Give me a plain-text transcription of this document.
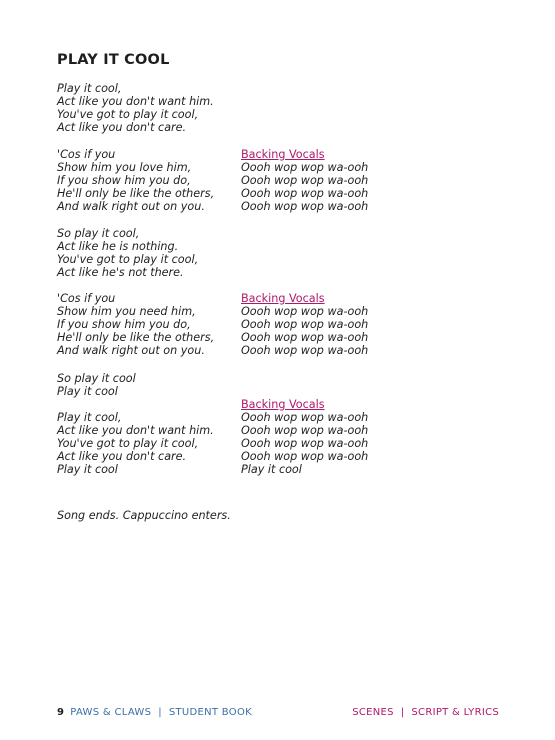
PLAY IT COOL
Play it cool,
Act like you don't want him.
You've got to play it cool,
Act like you don't care.
'Cos if you
Show him you love him,
If you show him you do,
He'll only be like the others,
And walk right out on you.
Backing Vocals
Oooh wop wop wa-ooh
Oooh wop wop wa-ooh
Oooh wop wop wa-ooh
Oooh wop wop wa-ooh
So play it cool,
Act like he is nothing.
You've got to play it cool,
Act like he's not there.
'Cos if you
Show him you need him,
If you show him you do,
He'll only be like the others,
And walk right out on you.
Backing Vocals
Oooh wop wop wa-ooh
Oooh wop wop wa-ooh
Oooh wop wop wa-ooh
Oooh wop wop wa-ooh
So play it cool
Play it cool
Backing Vocals
Oooh wop wop wa-ooh
Oooh wop wop wa-ooh
Oooh wop wop wa-ooh
Oooh wop wop wa-ooh
Play it cool
Play it cool,
Act like you don't want him.
You've got to play it cool,
Act like you don't care.
Play it cool
Song ends. Cappuccino enters.
9 PAWS & CLAWS  |  STUDENT BOOK	SCENES  |  SCRIPT & LYRICS
